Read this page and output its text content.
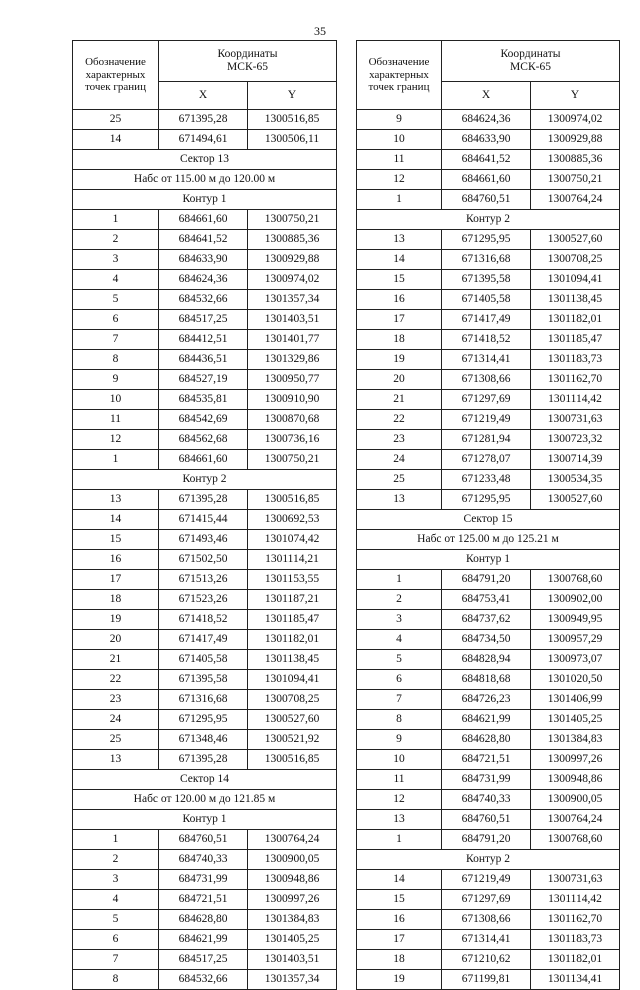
35
Обозначение характерных точек границ	Координаты
МСК-65	
	X	Y
25	671395,28	1300516,85
14	671494,61	1300506,11
Сектор 13		
Набс от 115.00 м до 120.00 м		
Контур 1		
1	684661,60	1300750,21
2	684641,52	1300885,36
3	684633,90	1300929,88
4	684624,36	1300974,02
5	684532,66	1301357,34
6	684517,25	1301403,51
7	684412,51	1301401,77
8	684436,51	1301329,86
9	684527,19	1300950,77
10	684535,81	1300910,90
11	684542,69	1300870,68
12	684562,68	1300736,16
1	684661,60	1300750,21
Контур 2		
13	671395,28	1300516,85
14	671415,44	1300692,53
15	671493,46	1301074,42
16	671502,50	1301114,21
17	671513,26	1301153,55
18	671523,26	1301187,21
19	671418,52	1301185,47
20	671417,49	1301182,01
21	671405,58	1301138,45
22	671395,58	1301094,41
23	671316,68	1300708,25
24	671295,95	1300527,60
25	671348,46	1300521,92
13	671395,28	1300516,85
Сектор 14		
Набс от 120.00 м до 121.85 м		
Контур 1		
1	684760,51	1300764,24
2	684740,33	1300900,05
3	684731,99	1300948,86
4	684721,51	1300997,26
5	684628,80	1301384,83
6	684621,99	1301405,25
7	684517,25	1301403,51
8	684532,66	1301357,34
Обозначение характерных точек границ	Координаты
МСК-65	
	X	Y
9	684624,36	1300974,02
10	684633,90	1300929,88
11	684641,52	1300885,36
12	684661,60	1300750,21
1	684760,51	1300764,24
Контур 2		
13	671295,95	1300527,60
14	671316,68	1300708,25
15	671395,58	1301094,41
16	671405,58	1301138,45
17	671417,49	1301182,01
18	671418,52	1301185,47
19	671314,41	1301183,73
20	671308,66	1301162,70
21	671297,69	1301114,42
22	671219,49	1300731,63
23	671281,94	1300723,32
24	671278,07	1300714,39
25	671233,48	1300534,35
13	671295,95	1300527,60
Сектор 15		
Набс от 125.00 м до 125.21 м		
Контур 1		
1	684791,20	1300768,60
2	684753,41	1300902,00
3	684737,62	1300949,95
4	684734,50	1300957,29
5	684828,94	1300973,07
6	684818,68	1301020,50
7	684726,23	1301406,99
8	684621,99	1301405,25
9	684628,80	1301384,83
10	684721,51	1300997,26
11	684731,99	1300948,86
12	684740,33	1300900,05
13	684760,51	1300764,24
1	684791,20	1300768,60
Контур 2		
14	671219,49	1300731,63
15	671297,69	1301114,42
16	671308,66	1301162,70
17	671314,41	1301183,73
18	671210,62	1301182,01
19	671199,81	1301134,41
